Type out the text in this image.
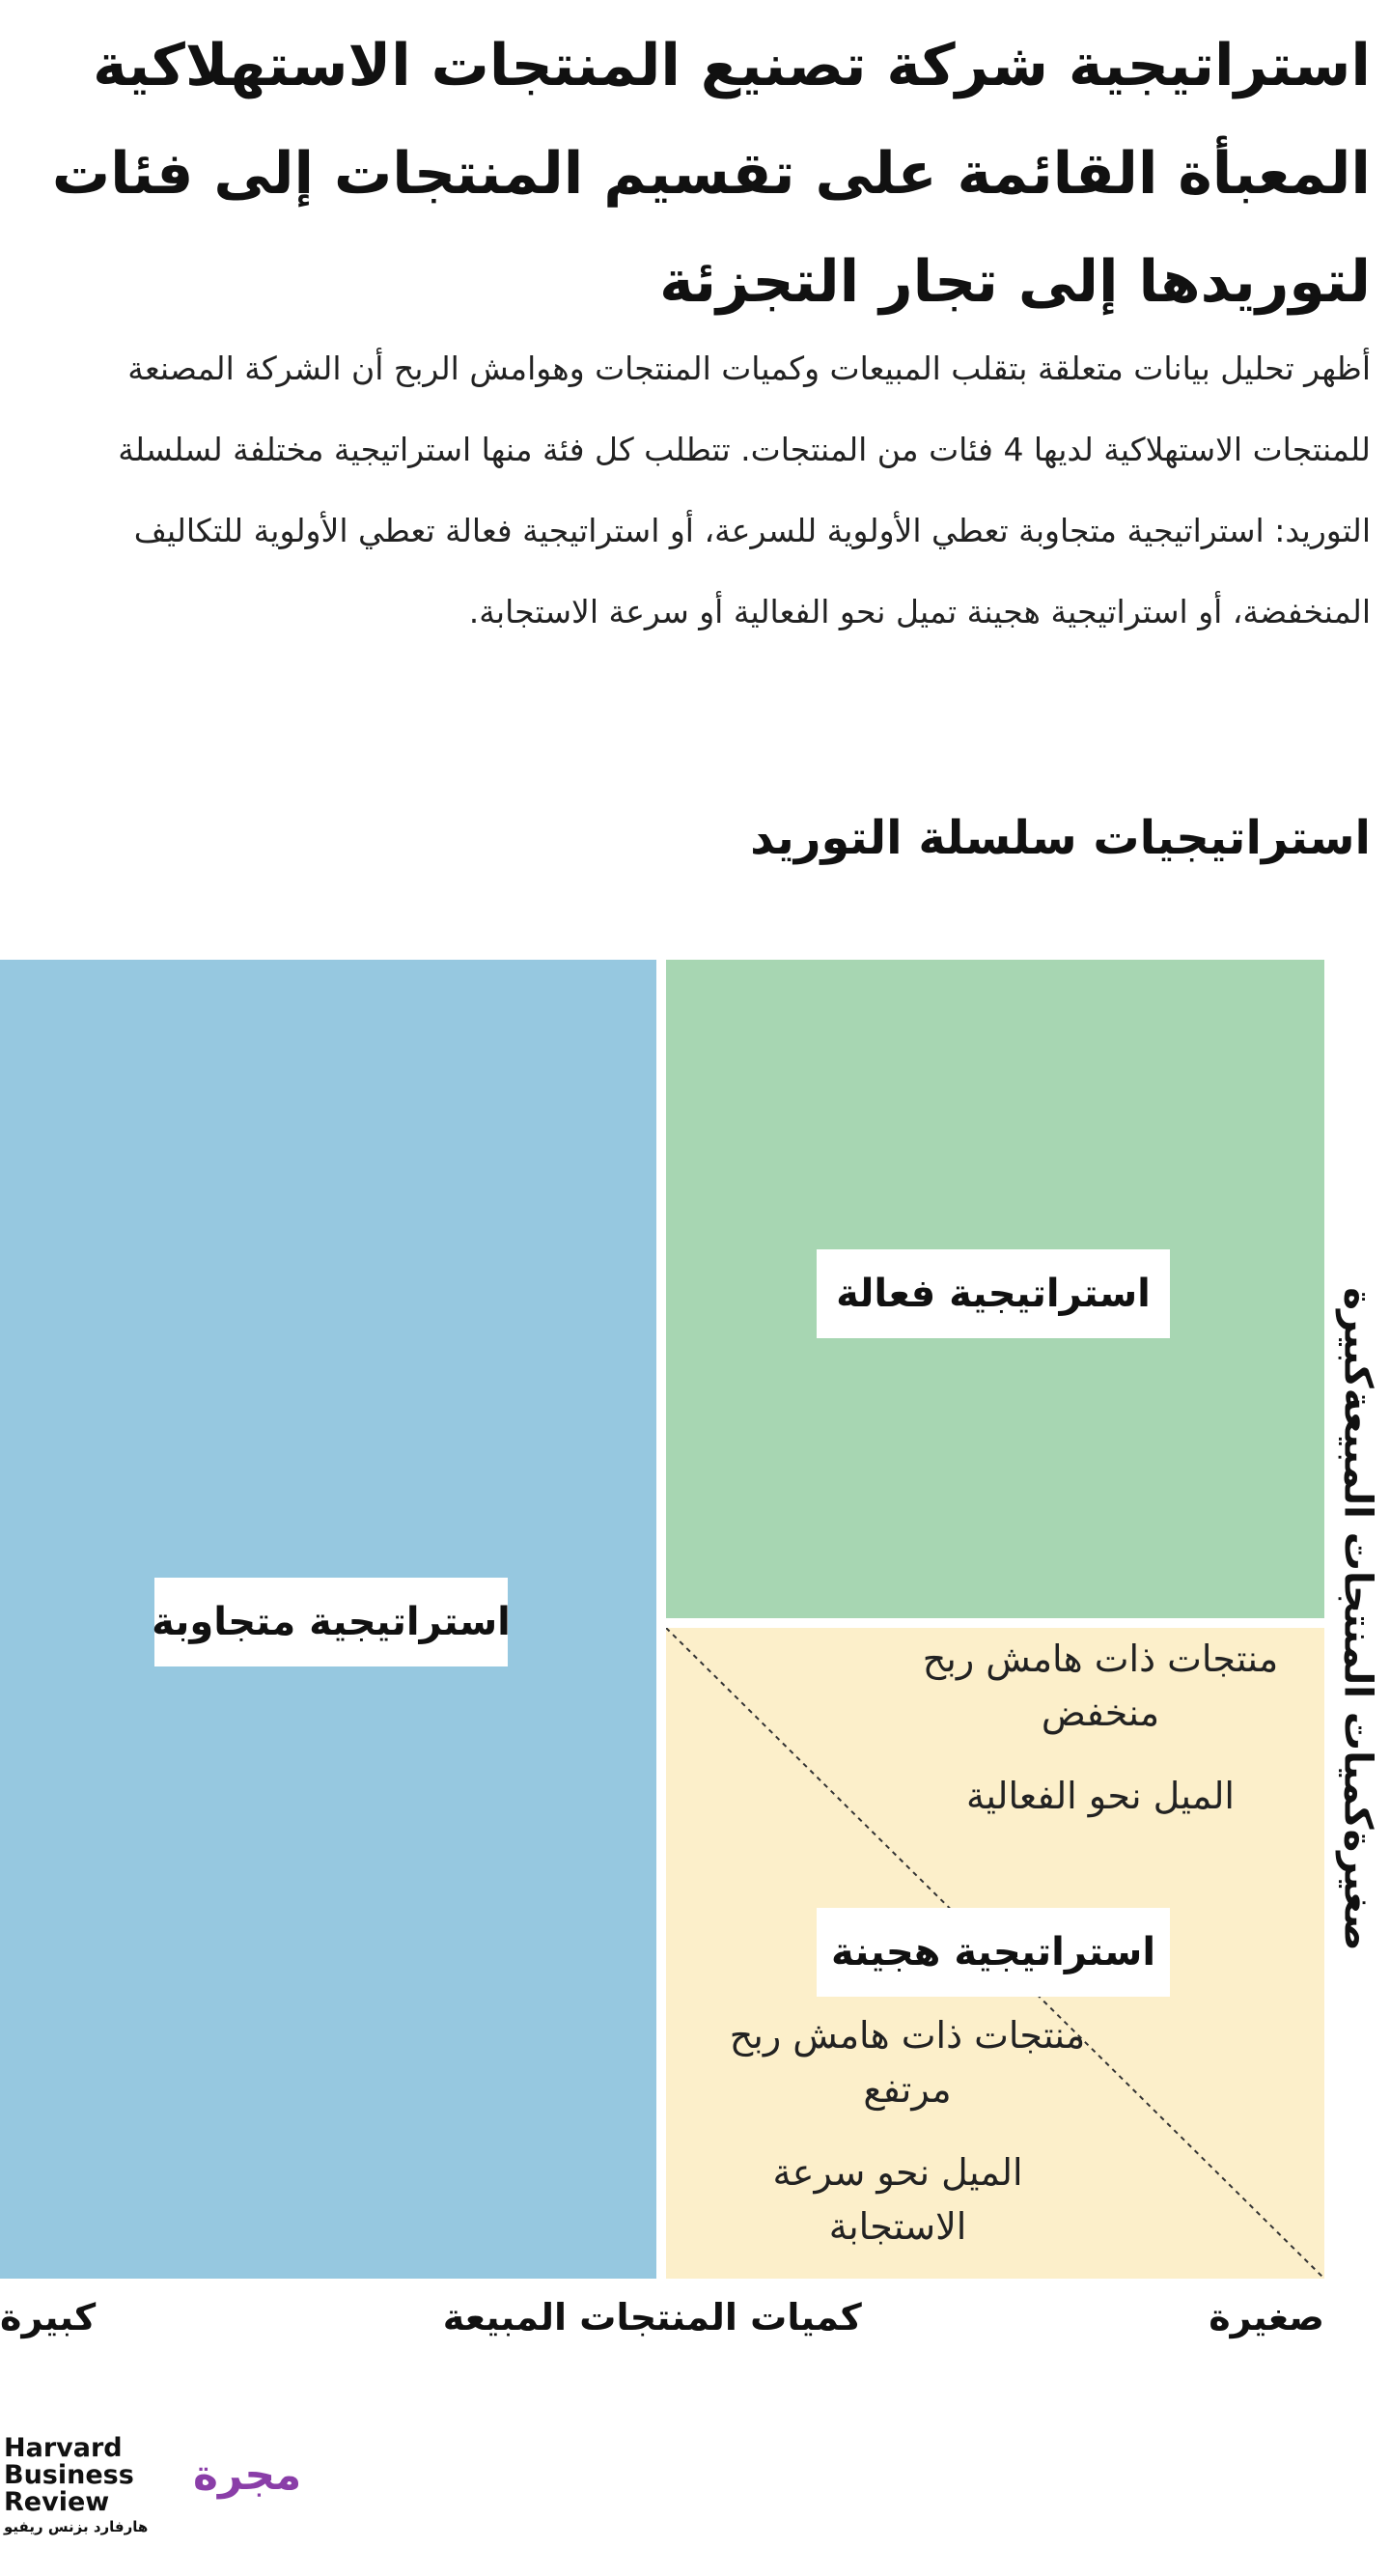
استراتيجية شركة تصنيع المنتجات الاستهلاكية المعبأة القائمة على تقسيم المنتجات إلى فئات لتوريدها إلى تجار التجزئة

أظهر تحليل بيانات متعلقة بتقلب المبيعات وكميات المنتجات وهوامش الربح أن الشركة المصنعة للمنتجات الاستهلاكية لديها 4 فئات من المنتجات. تتطلب كل فئة منها استراتيجية مختلفة لسلسلة التوريد: استراتيجية متجاوبة تعطي الأولوية للسرعة، أو استراتيجية فعالة تعطي الأولوية للتكاليف المنخفضة، أو استراتيجية هجينة تميل نحو الفعالية أو سرعة الاستجابة.

استراتيجيات سلسلة التوريد
استراتيجية فعالة
استراتيجية متجاوبة
استراتيجية هجينة
منتجات ذات هامش ربح منخفض
الميل نحو الفعالية
منتجات ذات هامش ربح مرتفع
الميل نحو سرعة الاستجابة
صغيرة
كميات المنتجات المبيعة
كبيرة
صغيرة
كميات المنتجات المبيعة
كبيرة
Harvard
Business
Review
هارفارد بزنس ريفيو
مجرة
